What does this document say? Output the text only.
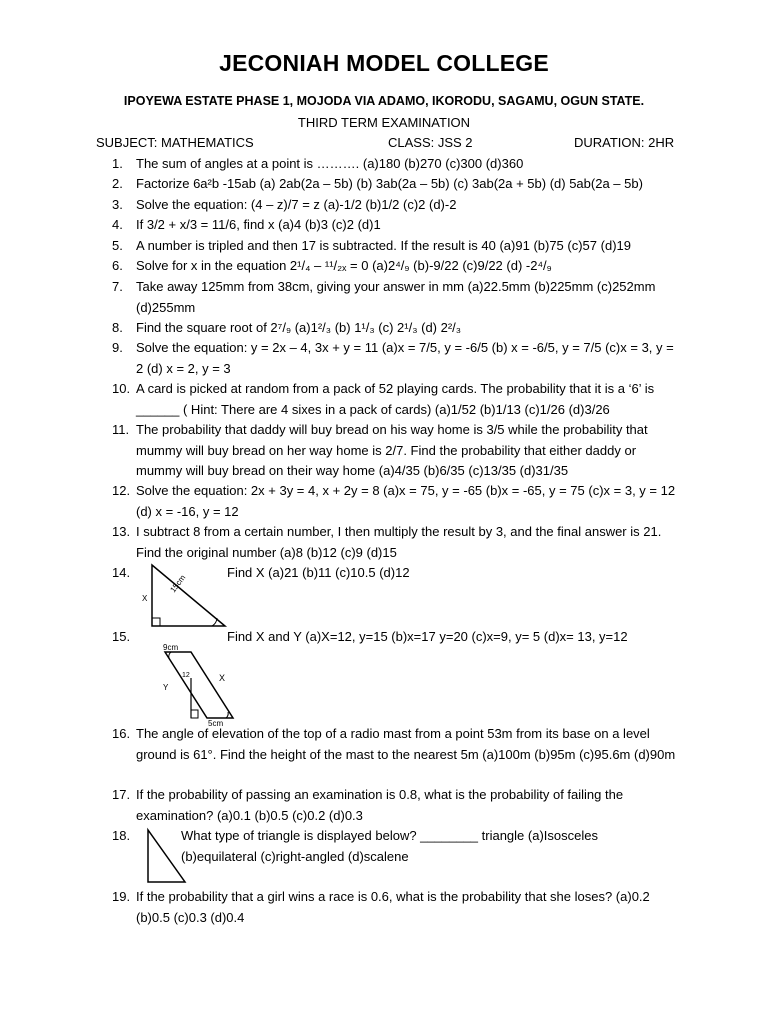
JECONIAH MODEL COLLEGE
IPOYEWA ESTATE PHASE 1, MOJODA VIA ADAMO, IKORODU, SAGAMU, OGUN STATE.
THIRD TERM EXAMINATION
SUBJECT: MATHEMATICS	CLASS: JSS 2	DURATION: 2HR
1. The sum of angles at a point is ………. (a)180 (b)270 (c)300 (d)360
2. Factorize 6a²b -15ab (a) 2ab(2a – 5b) (b) 3ab(2a – 5b) (c) 3ab(2a + 5b) (d) 5ab(2a – 5b)
3. Solve the equation: (4 – z)/7 = z (a)-1/2 (b)1/2 (c)2 (d)-2
4. If 3/2 + x/3 = 11/6, find x (a)4 (b)3 (c)2 (d)1
5. A number is tripled and then 17 is subtracted. If the result is 40 (a)91 (b)75 (c)57 (d)19
6. Solve for x in the equation 2¹/₄ – ¹¹/₂ₓ = 0 (a)2⁴/₉ (b)-9/22 (c)9/22 (d) -2⁴/₉
7. Take away 125mm from 38cm, giving your answer in mm (a)22.5mm (b)225mm (c)252mm (d)255mm
8. Find the square root of 2⁷/₉ (a)1²/₃ (b) 1¹/₃ (c) 2¹/₃ (d) 2²/₃
9. Solve the equation: y = 2x – 4, 3x + y = 11 (a)x = 7/5, y = -6/5 (b) x = -6/5, y = 7/5 (c)x = 3, y = 2 (d) x = 2, y = 3
10. A card is picked at random from a pack of 52 playing cards. The probability that it is a ‘6’ is ______ ( Hint: There are 4 sixes in a pack of cards) (a)1/52 (b)1/13 (c)1/26 (d)3/26
11. The probability that daddy will buy bread on his way home is 3/5 while the probability that mummy will buy bread on her way home is 2/7. Find the probability that either daddy or mummy will buy bread on their way home (a)4/35 (b)6/35 (c)13/35 (d)31/35
12. Solve the equation: 2x + 3y = 4, x + 2y = 8 (a)x = 75, y = -65 (b)x = -65, y = 75 (c)x = 3, y = 12 (d) x = -16, y = 12
13. I subtract 8 from a certain number, I then multiply the result by 3, and the final answer is 21. Find the original number (a)8 (b)12 (c)9 (d)15
14.	Find X (a)21 (b)11 (c)10.5 (d)12
15.	Find X and Y (a)X=12, y=15 (b)x=17 y=20 (c)x=9, y= 5 (d)x= 13, y=12
16. The angle of elevation of the top of a radio mast from a point 53m from its base on a level ground is 61°. Find the height of the mast to the nearest 5m (a)100m (b)95m (c)95.6m (d)90m
17. If the probability of passing an examination is 0.8, what is the probability of failing the examination? (a)0.1 (b)0.5 (c)0.2 (d)0.3
18.	What type of triangle is displayed below? ________ triangle (a)Isosceles (b)equilateral (c)right-angled (d)scalene
19. If the probability that a girl wins a race is 0.6, what is the probability that she loses? (a)0.2 (b)0.5 (c)0.3 (d)0.4
X
15cm
9cm
12	X
Y
5cm
